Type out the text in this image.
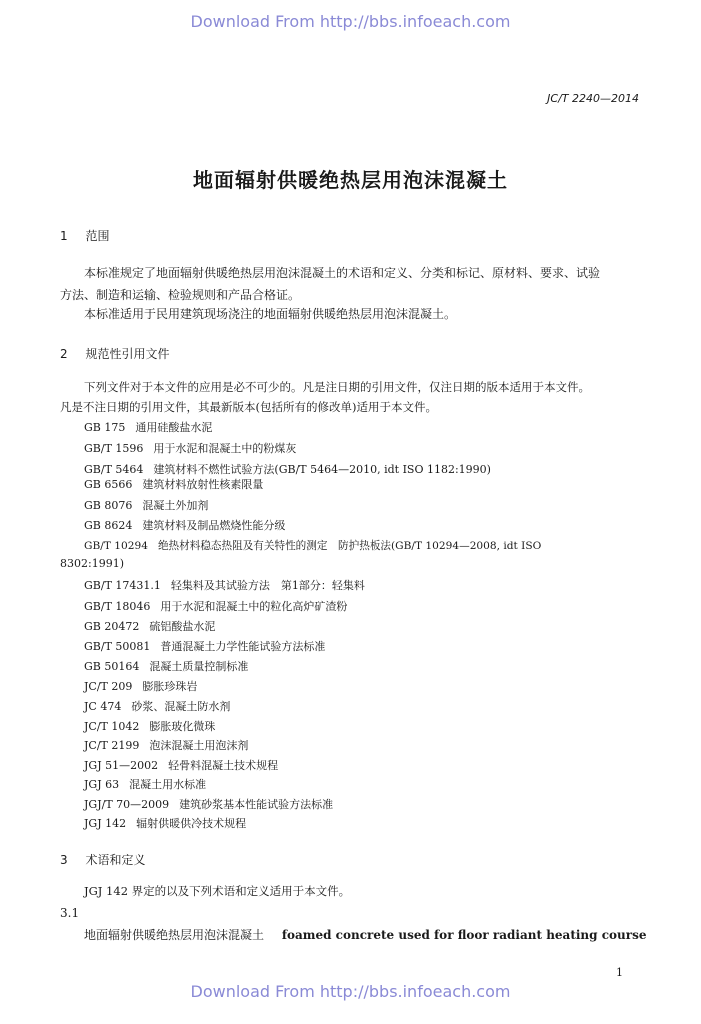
Download From http://bbs.infoeach.com
JC/T 2240—2014
地面辐射供暖绝热层用泡沫混凝土
1 范围
本标准规定了地面辐射供暖绝热层用泡沫混凝土的术语和定义、分类和标记、原材料、要求、试验
方法、制造和运输、检验规则和产品合格证。
本标准适用于民用建筑现场浇注的地面辐射供暖绝热层用泡沫混凝土。
2 规范性引用文件
下列文件对于本文件的应用是必不可少的。凡是注日期的引用文件，仅注日期的版本适用于本文件。
凡是不注日期的引用文件，其最新版本(包括所有的修改单)适用于本文件。
GB 175 通用硅酸盐水泥
GB/T 1596 用于水泥和混凝土中的粉煤灰
GB/T 5464 建筑材料不燃性试验方法(GB/T 5464—2010, idt ISO 1182:1990)
GB 6566 建筑材料放射性核素限量
GB 8076 混凝土外加剂
GB 8624 建筑材料及制品燃烧性能分级
GB/T 10294 绝热材料稳态热阻及有关特性的测定　防护热板法(GB/T 10294—2008, idt ISO
8302:1991)
GB/T 17431.1 轻集料及其试验方法　第1部分：轻集料
GB/T 18046 用于水泥和混凝土中的粒化高炉矿渣粉
GB 20472 硫铝酸盐水泥
GB/T 50081 普通混凝土力学性能试验方法标准
GB 50164 混凝土质量控制标准
JC/T 209 膨胀珍珠岩
JC 474 砂浆、混凝土防水剂
JC/T 1042 膨胀玻化微珠
JC/T 2199 泡沫混凝土用泡沫剂
JGJ 51—2002 轻骨料混凝土技术规程
JGJ 63 混凝土用水标准
JGJ/T 70—2009 建筑砂浆基本性能试验方法标准
JGJ 142 辐射供暖供冷技术规程
3 术语和定义
JGJ 142 界定的以及下列术语和定义适用于本文件。
3.1
地面辐射供暖绝热层用泡沫混凝土 foamed concrete used for floor radiant heating course
1
Download From http://bbs.infoeach.com
